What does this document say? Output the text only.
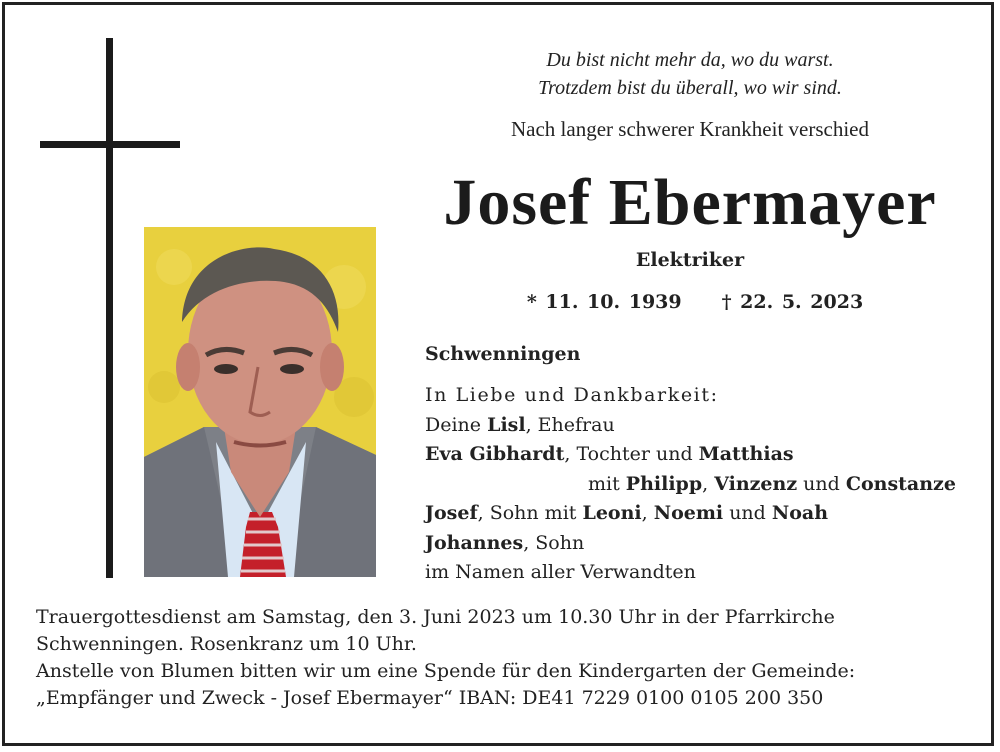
Du bist nicht mehr da, wo du warst.
Trotzdem bist du überall, wo wir sind.
Nach langer schwerer Krankheit verschied
Josef Ebermayer
Elektriker
* 11. 10. 1939 † 22. 5. 2023
Schwenningen
In Liebe und Dankbarkeit:
Deine Lisl, Ehefrau
Eva Gibhardt, Tochter und Matthias
mit Philipp, Vinzenz und Constanze
Josef, Sohn mit Leoni, Noemi und Noah
Johannes, Sohn
im Namen aller Verwandten
Trauergottesdienst am Samstag, den 3. Juni 2023 um 10.30 Uhr in der Pfarrkirche
Schwenningen. Rosenkranz um 10 Uhr.
Anstelle von Blumen bitten wir um eine Spende für den Kindergarten der Gemeinde:
„Empfänger und Zweck - Josef Ebermayer“ IBAN: DE41 7229 0100 0105 200 350
